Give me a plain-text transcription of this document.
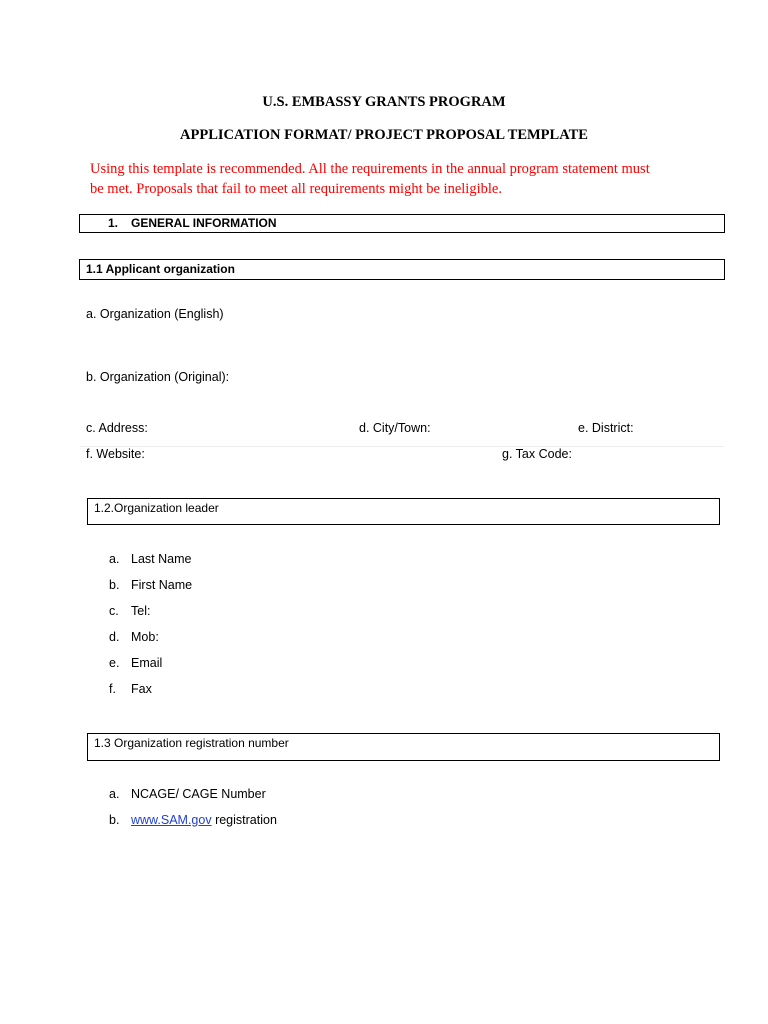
U.S. EMBASSY GRANTS PROGRAM
APPLICATION FORMAT/ PROJECT PROPOSAL TEMPLATE
Using this template is recommended. All the requirements in the annual program statement must
be met. Proposals that fail to meet all requirements might be ineligible.
1. GENERAL INFORMATION
1.1 Applicant organization
a. Organization (English)
b. Organization (Original):
c. Address:	d. City/Town:	e. District:
f. Website:	g. Tax Code:
1.2.Organization leader
a. Last Name
b. First Name
c. Tel:
d. Mob:
e. Email
f.	Fax
1.3 Organization registration number
a. NCAGE/ CAGE Number
b. www.SAM.gov registration
